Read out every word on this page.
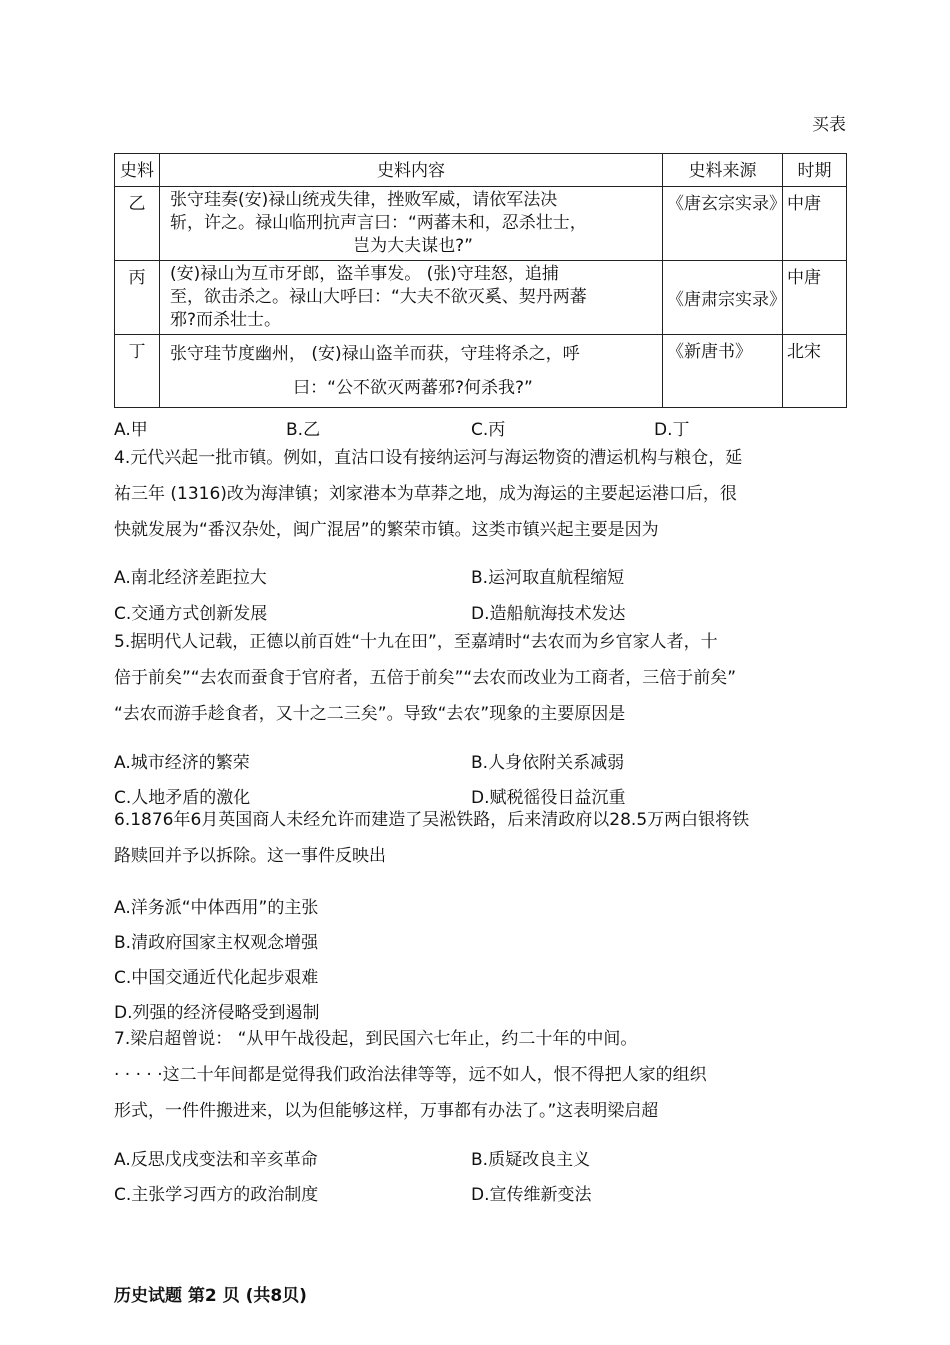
买表
史料	史料内容	史料来源	时期
乙	张守珪奏(安)禄山统戎失律，挫败军威，请依军法决
斩，许之。禄山临刑抗声言曰：“两蕃未和，忍杀壮士，

岂为大夫谋也?”	《唐玄宗实录》	中唐
丙	(安)禄山为互市牙郎，盗羊事发。 (张)守珪怒，追捕
至，欲击杀之。禄山大呼曰：“大夫不欲灭奚、契丹两蕃
邪?而杀壮士。	《唐肃宗实录》	中唐
丁	张守珪节度幽州， (安)禄山盗羊而获，守珪将杀之，呼

曰：“公不欲灭两蕃邪?何杀我?”	《新唐书》	北宋
A.甲	B.乙	C.丙	D.丁
4.元代兴起一批市镇。例如，直沽口设有接纳运河与海运物资的漕运机构与粮仓，延
祐三年 (1316)改为海津镇；刘家港本为草莽之地，成为海运的主要起运港口后，很
快就发展为“番汉杂处，闽广混居”的繁荣市镇。这类市镇兴起主要是因为
A.南北经济差距拉大	B.运河取直航程缩短
C.交通方式创新发展	D.造船航海技术发达
5.据明代人记载，正德以前百姓“十九在田”，至嘉靖时“去农而为乡官家人者，十
倍于前矣”“去农而蚕食于官府者，五倍于前矣”“去农而改业为工商者，三倍于前矣”
“去农而游手趁食者，又十之二三矣”。导致“去农”现象的主要原因是
A.城市经济的繁荣	B.人身依附关系减弱
C.人地矛盾的激化	D.赋税徭役日益沉重
6.1876年6月英国商人未经允许而建造了吴淞铁路，后来清政府以28.5万两白银将铁
路赎回并予以拆除。这一事件反映出
A.洋务派“中体西用”的主张
B.清政府国家主权观念增强
C.中国交通近代化起步艰难
D.列强的经济侵略受到遏制
7.梁启超曾说： “从甲午战役起，到民国六七年止，约二十年的中间。
· · · · ·这二十年间都是觉得我们政治法律等等，远不如人，恨不得把人家的组织
形式，一件件搬进来，以为但能够这样，万事都有办法了。”这表明梁启超
A.反思戊戌变法和辛亥革命	B.质疑改良主义
C.主张学习西方的政治制度	D.宣传维新变法
历史试题 第2 贝 (共8贝)
